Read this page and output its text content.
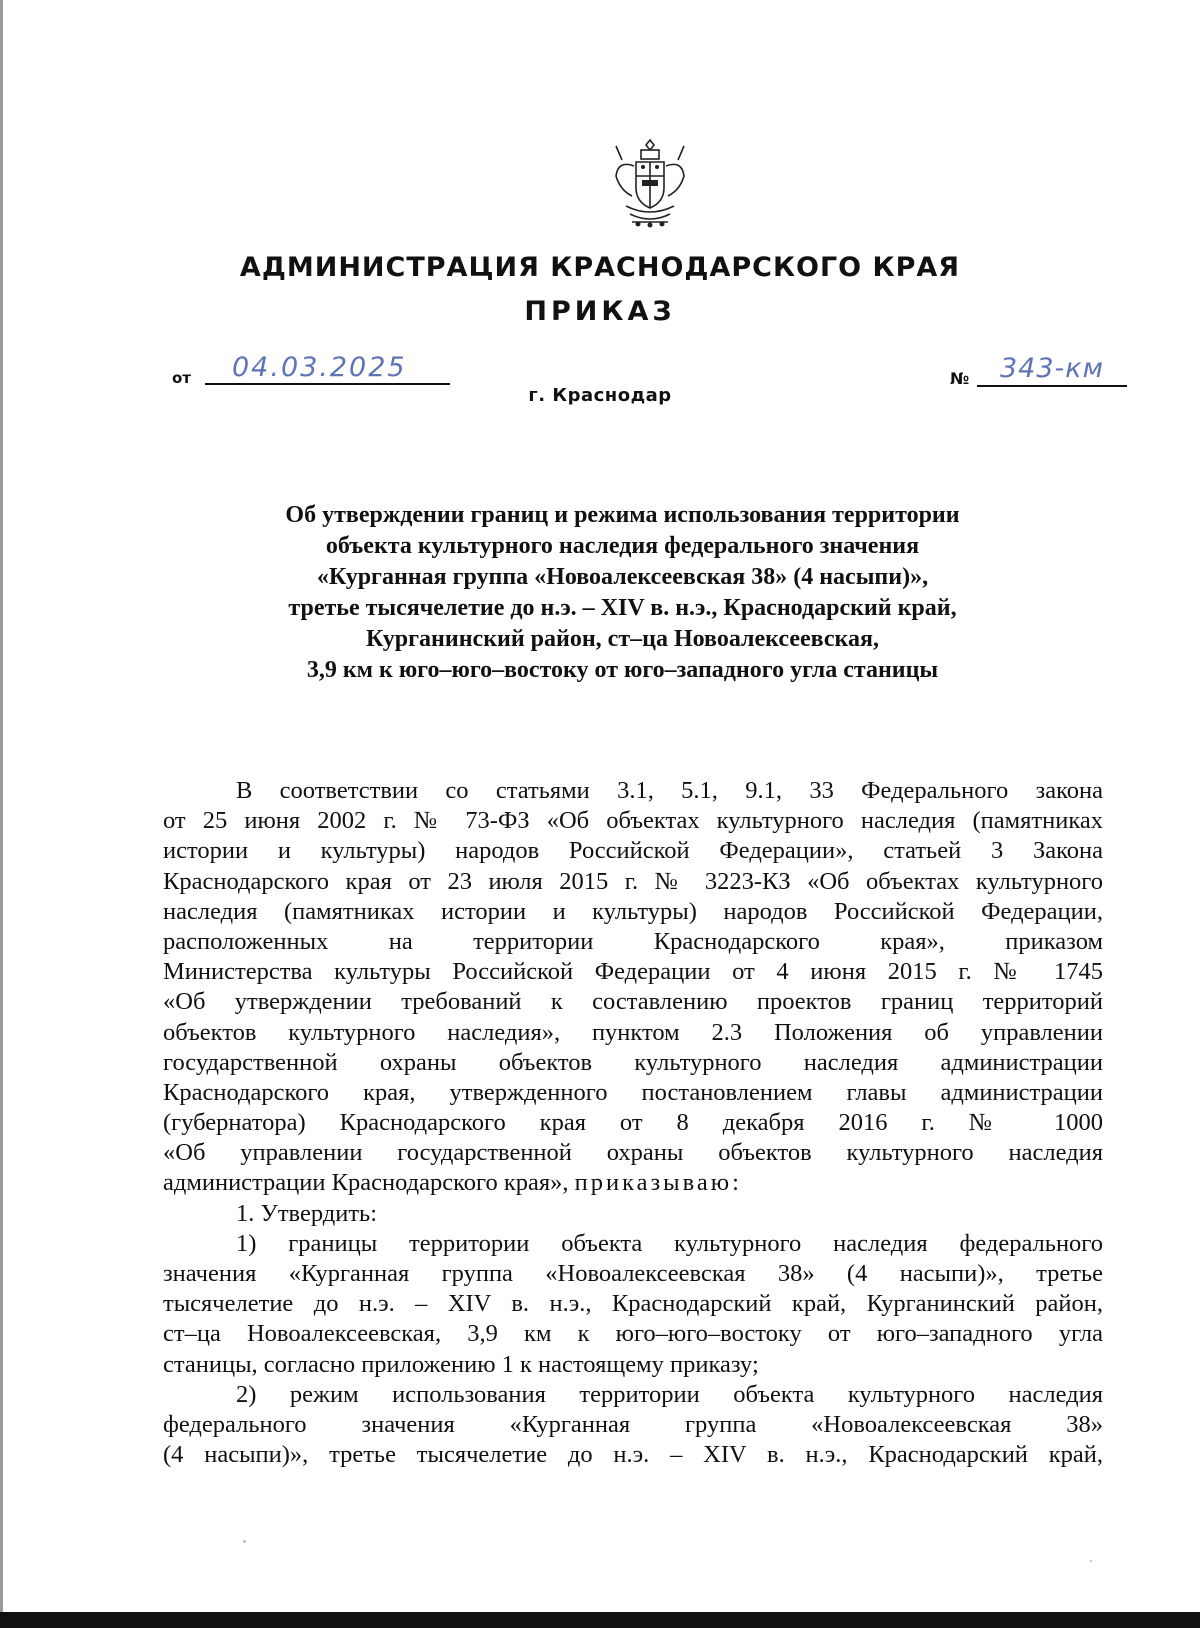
АДМИНИСТРАЦИЯ КРАСНОДАРСКОГО КРАЯ
ПРИКАЗ
от 04.03.2025	№ 343-км
г. Краснодар
Об утверждении границ и режима использования территории
объекта культурного наследия федерального значения
«Курганная группа «Новоалексеевская 38» (4 насыпи)»,
третье тысячелетие до н.э. – XIV в. н.э., Краснодарский край,
Курганинский район, ст–ца Новоалексеевская,
3,9 км к юго–юго–востоку от юго–западного угла станицы
В соответствии со статьями 3.1, 5.1, 9.1, 33 Федерального закона
от 25 июня 2002 г. № 73-ФЗ «Об объектах культурного наследия (памятниках
истории и культуры) народов Российской Федерации», статьей 3 Закона
Краснодарского края от 23 июля 2015 г. № 3223-КЗ «Об объектах культурного
наследия (памятниках истории и культуры) народов Российской Федерации,
расположенных на территории Краснодарского края», приказом
Министерства культуры Российской Федерации от 4 июня 2015 г. № 1745
«Об утверждении требований к составлению проектов границ территорий
объектов культурного наследия», пунктом 2.3 Положения об управлении
государственной охраны объектов культурного наследия администрации
Краснодарского края, утвержденного постановлением главы администрации
(губернатора) Краснодарского края от 8 декабря 2016 г. № 1000
«Об управлении государственной охраны объектов культурного наследия
администрации Краснодарского края», приказываю:
1. Утвердить:
1) границы территории объекта культурного наследия федерального
значения «Курганная группа «Новоалексеевская 38» (4 насыпи)», третье
тысячелетие до н.э. – XIV в. н.э., Краснодарский край, Курганинский район,
ст–ца Новоалексеевская, 3,9 км к юго–юго–востоку от юго–западного угла
станицы, согласно приложению 1 к настоящему приказу;
2) режим использования территории объекта культурного наследия
федерального значения «Курганная группа «Новоалексеевская 38»
(4 насыпи)», третье тысячелетие до н.э. – XIV в. н.э., Краснодарский край,
